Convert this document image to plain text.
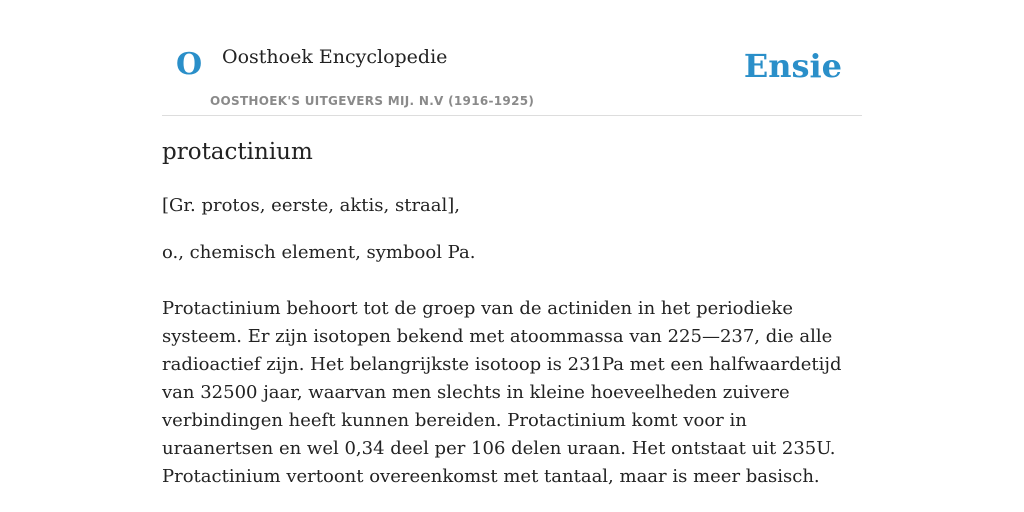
O Oosthoek Encyclopedie
OOSTHOEK'S UITGEVERS MIJ. N.V (1916-1925)
Ensie
protactinium

[Gr. protos, eerste, aktis, straal],

o., chemisch element, symbool Pa.

Protactinium behoort tot de groep van de actiniden in het periodieke systeem. Er zijn isotopen bekend met atoommassa van 225—237, die alle radioactief zijn. Het belangrijkste isotoop is 231Pa met een halfwaardetijd van 32500 jaar, waarvan men slechts in kleine hoeveelheden zuivere verbindingen heeft kunnen bereiden. Protactinium komt voor in uraanertsen en wel 0,34 deel per 106 delen uraan. Het ontstaat uit 235U. Protactinium vertoont overeenkomst met tantaal, maar is meer basisch.
